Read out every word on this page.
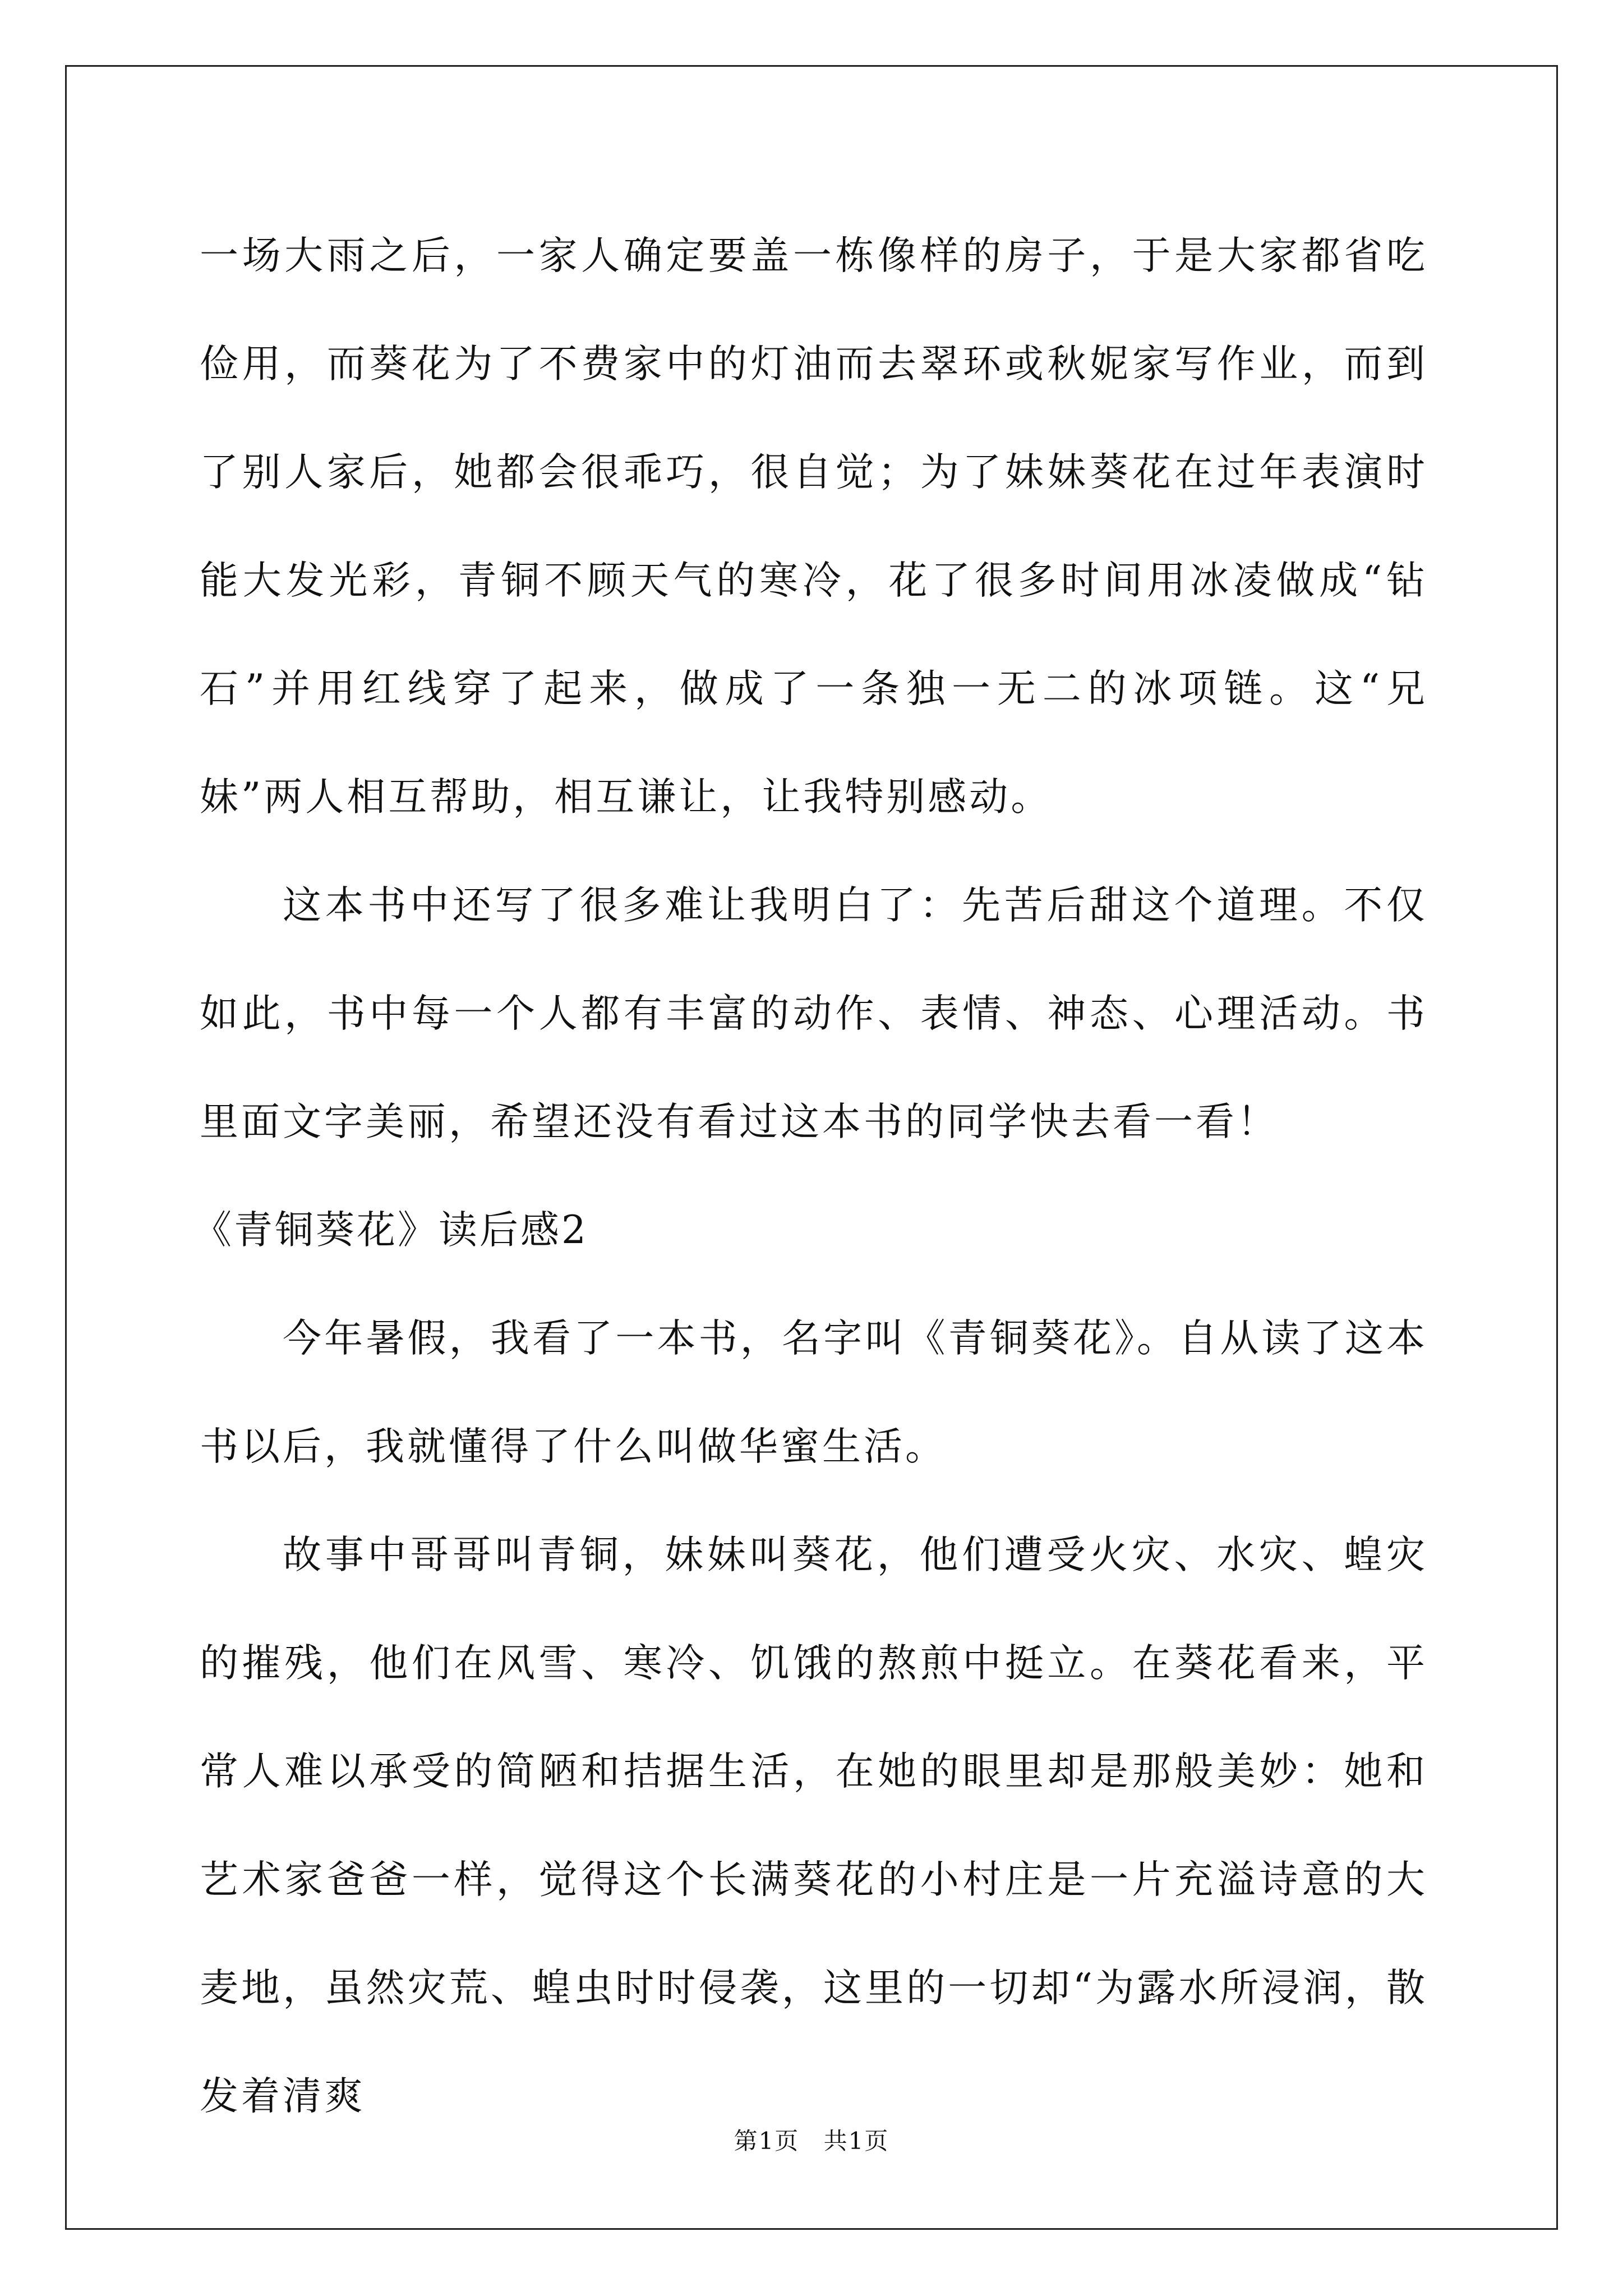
一场大雨之后，一家人确定要盖一栋像样的房子，于是大家都省吃俭用，而葵花为了不费家中的灯油而去翠环或秋妮家写作业，而到了别人家后，她都会很乖巧，很自觉；为了妹妹葵花在过年表演时能大发光彩，青铜不顾天气的寒冷，花了很多时间用冰凌做成“钻石”并用红线穿了起来，做成了一条独一无二的冰项链。这“兄妹”两人相互帮助，相互谦让，让我特别感动。

这本书中还写了很多难让我明白了：先苦后甜这个道理。不仅如此，书中每一个人都有丰富的动作、表情、神态、心理活动。书里面文字美丽，希望还没有看过这本书的同学快去看一看！

《青铜葵花》读后感2

今年暑假，我看了一本书，名字叫《青铜葵花》。自从读了这本书以后，我就懂得了什么叫做华蜜生活。

故事中哥哥叫青铜，妹妹叫葵花，他们遭受火灾、水灾、蝗灾的摧残，他们在风雪、寒冷、饥饿的熬煎中挺立。在葵花看来，平常人难以承受的简陋和拮据生活，在她的眼里却是那般美妙：她和艺术家爸爸一样，觉得这个长满葵花的小村庄是一片充溢诗意的大麦地，虽然灾荒、蝗虫时时侵袭，这里的一切却“为露水所浸润，散发着清爽

第1页 共1页
